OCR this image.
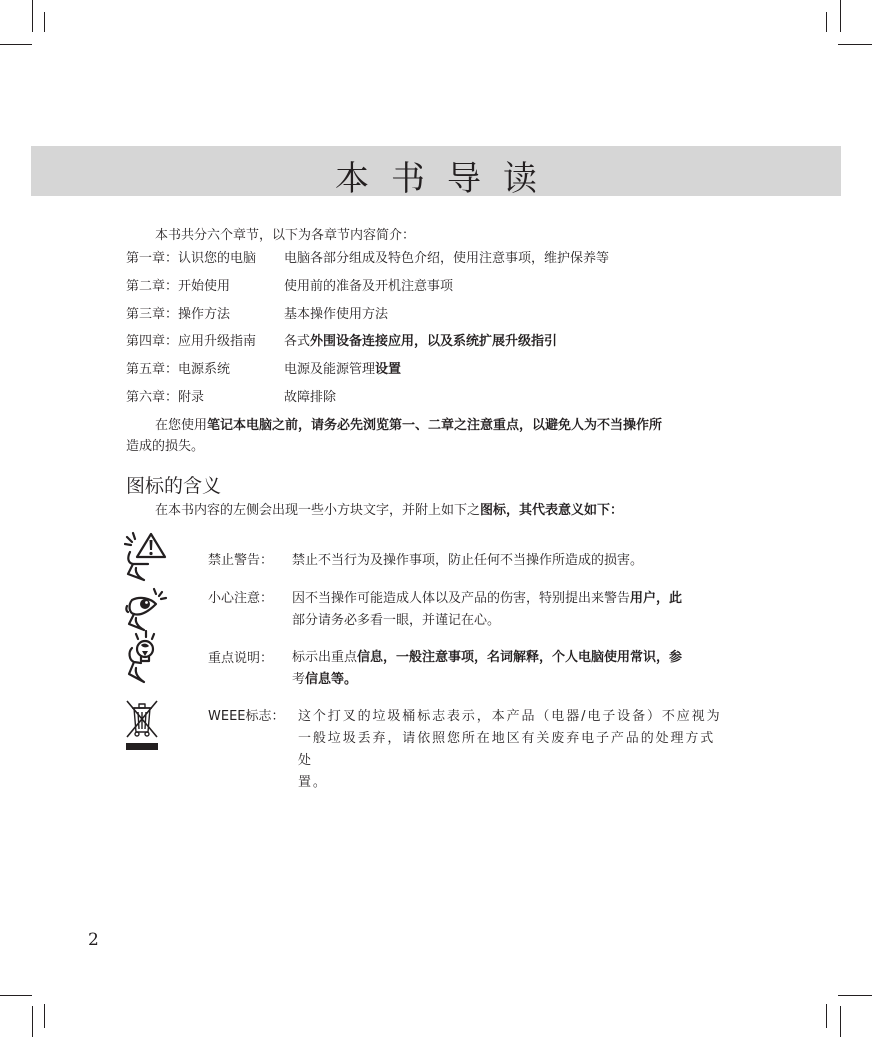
本书导读
本书共分六个章节，以下为各章节内容简介：
第一章：认识您的电脑 电脑各部分组成及特色介绍，使用注意事项，维护保养等
第二章：开始使用	使用前的准备及开机注意事项
第三章：操作方法	基本操作使用方法
第四章：应用升级指南 各式外围设备连接应用，以及系统扩展升级指引
第五章：电源系统	电源及能源管理设置
第六章：附录	故障排除
在您使用笔记本电脑之前，请务必先浏览第一、二章之注意重点，以避免人为不当操作所
造成的损失。
图标的含义
在本书内容的左侧会出现一些小方块文字，并附上如下之图标，其代表意义如下：
禁止警告： 禁止不当行为及操作事项，防止任何不当操作所造成的损害。
小心注意： 因不当操作可能造成人体以及产品的伤害，特别提出来警告用户，此
部分请务必多看一眼，并谨记在心。
重点说明： 标示出重点信息，一般注意事项，名词解释，个人电脑使用常识，参
考信息等。
WEEE标志： 这个打叉的垃圾桶标志表示，本产品（电器/电子设备）不应视为
一般垃圾丢弃，请依照您所在地区有关废弃电子产品的处理方式处
置。
2
